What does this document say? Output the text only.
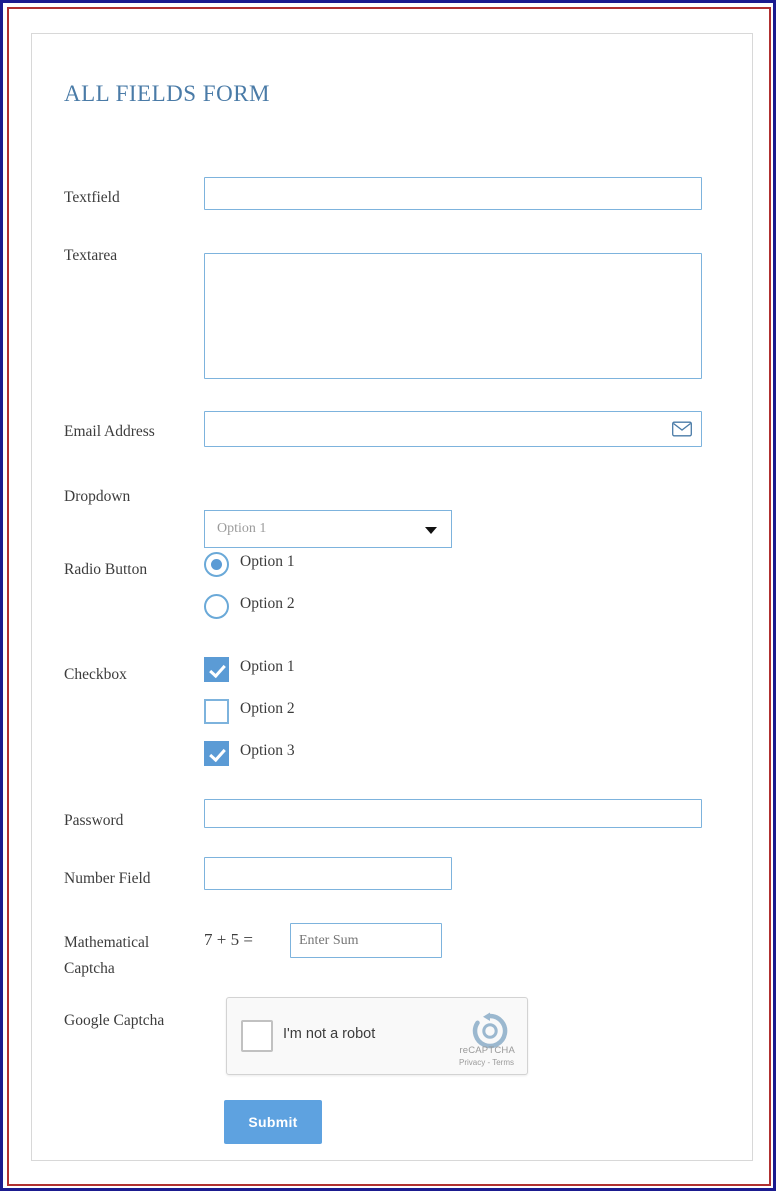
ALL FIELDS FORM
Textfield
Textarea
Email Address
Dropdown
Option 1
Radio Button	Option 1
Option 2
Checkbox	Option 1
Option 2
Option 3
Password
Number Field
Mathematical
Captcha
7 + 5 =
Enter Sum
Google Captcha
I'm not a robot
reCAPTCHA
Privacy - Terms
Submit
